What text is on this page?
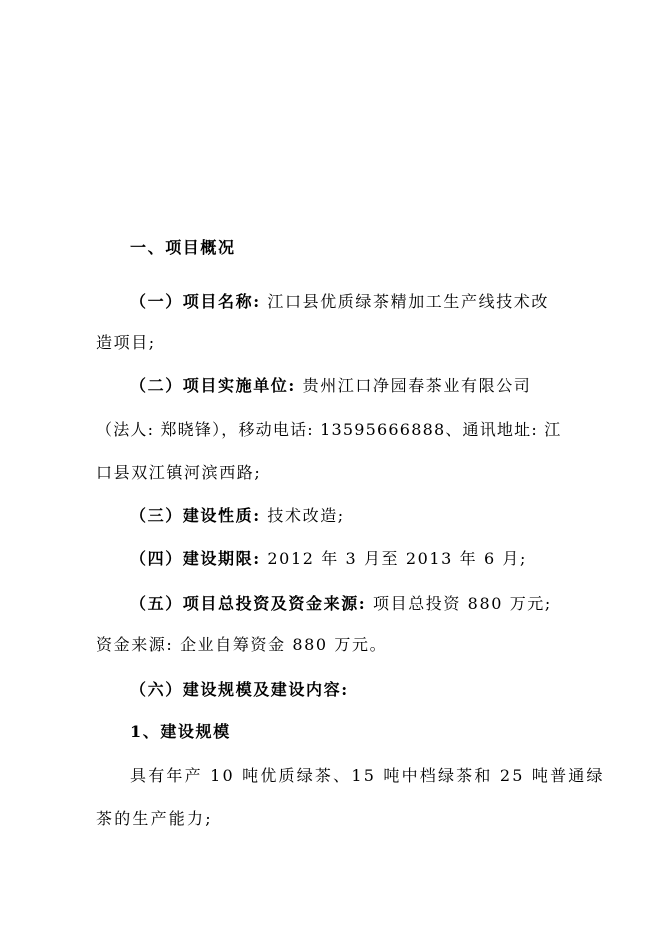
一、项目概况
（一）项目名称: 江口县优质绿茶精加工生产线技术改
造项目;
（二）项目实施单位: 贵州江口净园春茶业有限公司
（法人: 郑晓锋），移动电话: 13595666888、通讯地址: 江
口县双江镇河滨西路;
（三）建设性质: 技术改造;
（四）建设期限: 2012 年 3 月至 2013 年 6 月;
（五）项目总投资及资金来源: 项目总投资 880 万元;
资金来源: 企业自筹资金 880 万元。
（六）建设规模及建设内容:
1、建设规模
具有年产 10 吨优质绿茶、15 吨中档绿茶和 25 吨普通绿
茶的生产能力;
